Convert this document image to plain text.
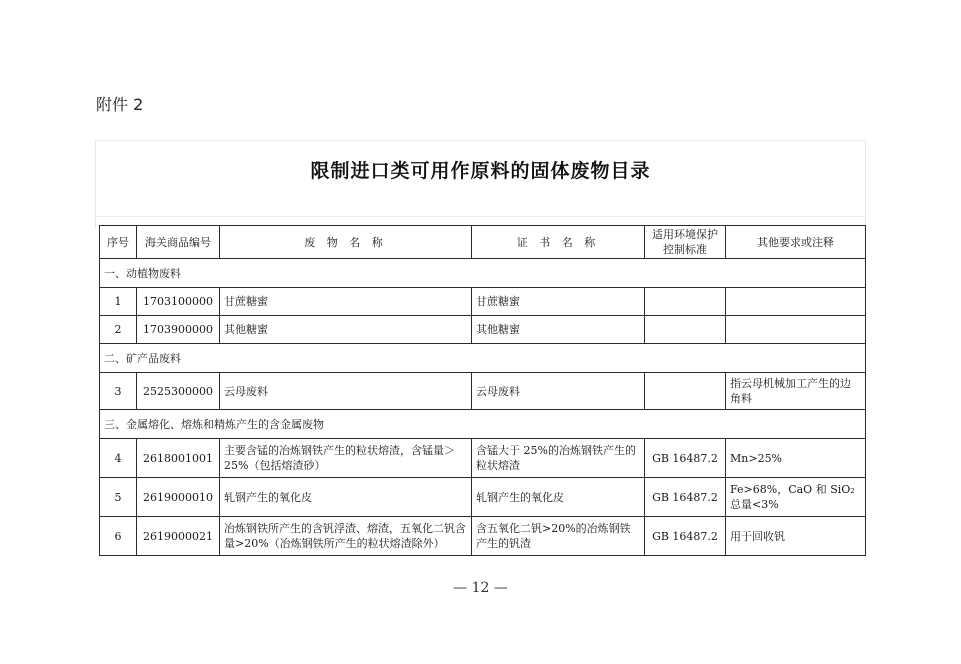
附件 2
限制进口类可用作原料的固体废物目录
序号	海关商品编号	废 物 名 称	证 书 名 称	适用环境保护控制标准	其他要求或注释
一、动植物废料					
1	1703100000	甘蔗糖蜜	甘蔗糖蜜		
2	1703900000	其他糖蜜	其他糖蜜		
二、矿产品废料					
3	2525300000	云母废料	云母废料		指云母机械加工产生的边角料
三、金属熔化、熔炼和精炼产生的含金属废物					
4	2618001001	主要含锰的冶炼钢铁产生的粒状熔渣，含锰量＞25%（包括熔渣砂）	含锰大于 25%的冶炼钢铁产生的粒状熔渣	GB 16487.2	Mn>25%
5	2619000010	轧钢产生的氧化皮	轧钢产生的氧化皮	GB 16487.2	Fe>68%，CaO 和 SiO₂ 总量<3%
6	2619000021	冶炼钢铁所产生的含钒浮渣、熔渣，五氧化二钒含量>20%（冶炼钢铁所产生的粒状熔渣除外）	含五氧化二钒>20%的冶炼钢铁产生的钒渣	GB 16487.2	用于回收钒
— 12 —
